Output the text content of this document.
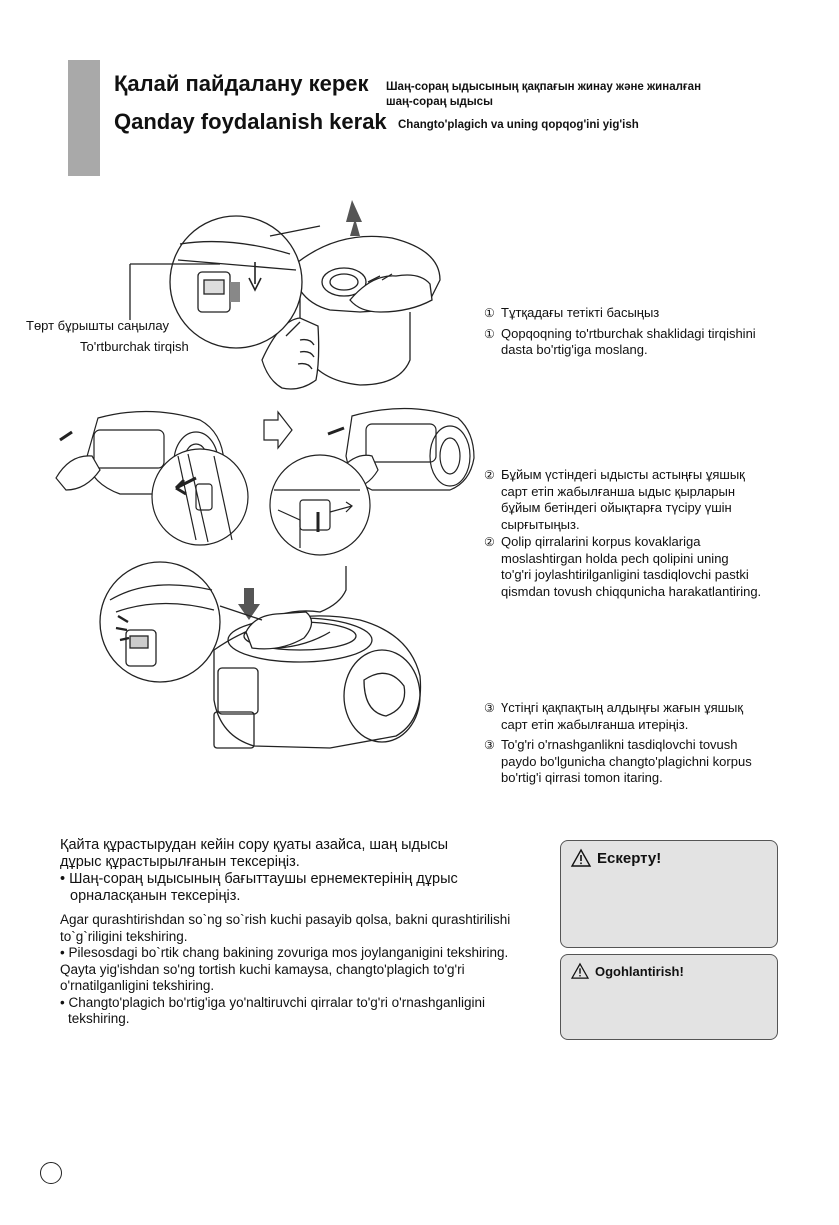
Қалай пайдалану керек
Qanday foydalanish kerak
Шаң-сораң ыдысының қақпағын жинау және жиналған
шаң-сораң ыдысы
Changto'plagich va uning qopqog'ini yig'ish
Төрт бұрышты саңылау
To'rtburchak tirqish
① Тұтқадағы тетікті басыңыз
① Qopqoqning to'rtburchak shaklidagi tirqishini
dasta bo'rtig'iga moslang.
② Бұйым үстіндегі ыдысты астыңғы ұяшық
сарт етіп жабылғанша ыдыс қырларын
бұйым бетіндегі ойықтарға түсіру үшін
сырғытыңыз.
② Qolip qirralarini korpus kovaklariga
moslashtirgan holda pech qolipini uning
to'g'ri joylashtirilganligini tasdiqlovchi pastki
qismdan tovush chiqqunicha harakatlantiring.
③ Үстіңгі қақпақтың алдыңғы жағын ұяшық
сарт етіп жабылғанша итеріңіз.
③ To'g'ri o'rnashganlikni tasdiqlovchi tovush
paydo bo'lgunicha changto'plagichni korpus
bo'rtig'i qirrasi tomon itaring.

Қайта құрастырудан кейін сору қуаты азайса, шаң ыдысы

дұрыс құрастырылғанын тексеріңіз.

• Шаң-сораң ыдысының бағыттаушы ернемектерінің дұрыс

орналасқанын тексеріңіз.

Agar qurashtirishdan so`ng so`rish kuchi pasayib qolsa, bakni qurashtirilishi

to`g`riligini tekshiring.

• Pilesosdagi bo`rtik chang bakining zovuriga mos joylanganigini tekshiring.

Qayta yig'ishdan so'ng tortish kuchi kamaysa, changto'plagich to'g'ri

o'rnatilganligini tekshiring.

• Changto'plagich bo'rtig'iga yo'naltiruvchi qirralar to'g'ri o'rnashganligini

tekshiring.

Ескерту!
Ogohlantirish!
